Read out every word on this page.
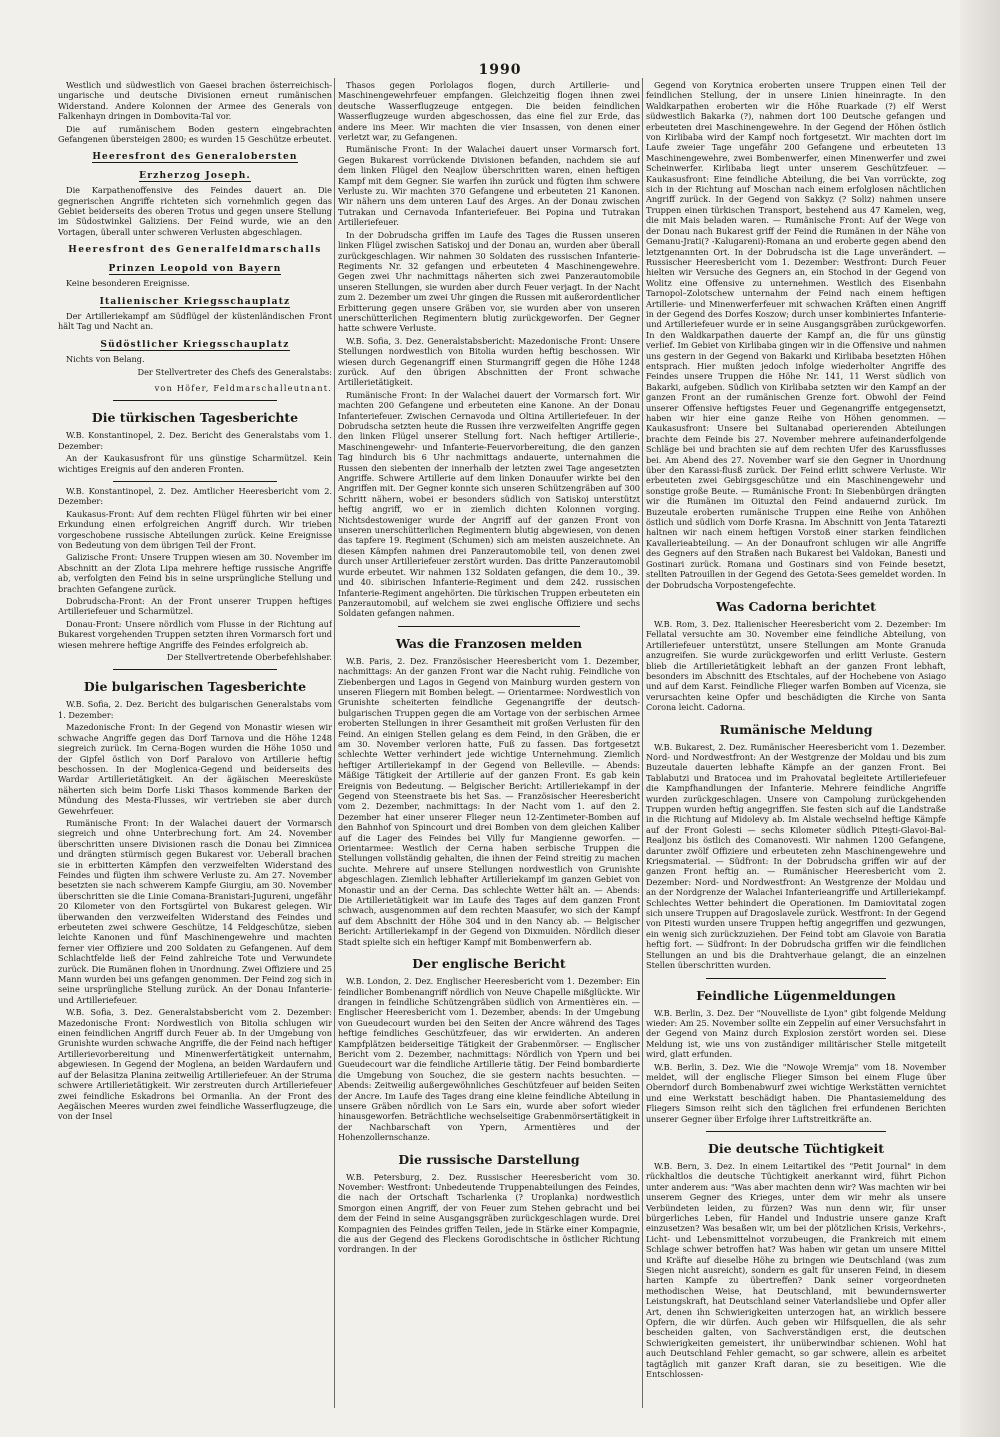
1990

Westlich und südwestlich von Gaesei brachen österreichisch-ungarische und deutsche Divisionen erneut rumänischen Widerstand. Andere Kolonnen der Armee des Generals von Falkenhayn dringen in Dombovita-Tal vor.

Die auf rumänischem Boden gestern eingebrachten Gefangenen übersteigen 2800; es wurden 15 Geschütze erbeutet.

Heeresfront des Generalobersten
Erzherzog Joseph.

Die Karpathenoffensive des Feindes dauert an. Die gegnerischen Angriffe richteten sich vornehmlich gegen das Gebiet beiderseits des oberen Trotus und gegen unsere Stellung im Südostwinkel Galiziens. Der Feind wurde, wie an den Vortagen, überall unter schweren Verlusten abgeschlagen.

Heeresfront des Generalfeldmarschalls
Prinzen Leopold von Bayern

Keine besonderen Ereignisse.

Italienischer Kriegsschauplatz

Der Artilleriekampf am Südflügel der küstenländischen Front hält Tag und Nacht an.

Südöstlicher Kriegsschauplatz

Nichts von Belang.

Der Stellvertreter des Chefs des Generalstabs:

von Höfer, Feldmarschalleutnant.

Die türkischen Tagesberichte

W.B. Konstantinopel, 2. Dez. Bericht des Generalstabs vom 1. Dezember:

An der Kaukasusfront für uns günstige Scharmützel. Kein wichtiges Ereignis auf den anderen Fronten.

W.B. Konstantinopel, 2. Dez. Amtlicher Heeresbericht vom 2. Dezember:

Kaukasus-Front: Auf dem rechten Flügel führten wir bei einer Erkundung einen erfolgreichen Angriff durch. Wir trieben vorgeschobene russische Abteilungen zurück. Keine Ereignisse von Bedeutung von dem übrigen Teil der Front.

Galizische Front: Unsere Truppen wiesen am 30. November im Abschnitt an der Zlota Lipa mehrere heftige russische Angriffe ab, verfolgten den Feind bis in seine ursprüngliche Stellung und brachten Gefangene zurück.

Dobrudscha-Front: An der Front unserer Truppen heftiges Artilleriefeuer und Scharmützel.

Donau-Front: Unsere nördlich vom Flusse in der Richtung auf Bukarest vorgehenden Truppen setzten ihren Vormarsch fort und wiesen mehrere heftige Angriffe des Feindes erfolgreich ab.

Der Stellvertretende Oberbefehlshaber.

Die bulgarischen Tagesberichte

W.B. Sofia, 2. Dez. Bericht des bulgarischen Generalstabs vom 1. Dezember:

Mazedonische Front: In der Gegend von Monastir wiesen wir schwache Angriffe gegen das Dorf Tarnova und die Höhe 1248 siegreich zurück. Im Cerna-Bogen wurden die Höhe 1050 und der Gipfel östlich von Dorf Paralovo von Artillerie heftig beschossen. In der Moglenica-Gegend und beiderseits des Wardar Artillerietätigkeit. An der ägäischen Meeresküste näherten sich beim Dorfe Liski Thasos kommende Barken der Mündung des Mesta-Flusses, wir vertrieben sie aber durch Gewehrfeuer.

Rumänische Front: In der Walachei dauert der Vormarsch siegreich und ohne Unterbrechung fort. Am 24. November überschritten unsere Divisionen rasch die Donau bei Zimnicea und drängten stürmisch gegen Bukarest vor. Ueberall brachen sie in erbitterten Kämpfen den verzweifelten Widerstand des Feindes und fügten ihm schwere Verluste zu. Am 27. November besetzten sie nach schwerem Kampfe Giurgiu, am 30. November überschritten sie die Linie Comana-Branistari-Jugureni, ungefähr 20 Kilometer von den Fortsgürtel von Bukarest gelegen. Wir überwanden den verzweifelten Widerstand des Feindes und erbeuteten zwei schwere Geschütze, 14 Feldgeschütze, sieben leichte Kanonen und fünf Maschinengewehre und machten ferner vier Offiziere und 200 Soldaten zu Gefangenen. Auf dem Schlachtfelde ließ der Feind zahlreiche Tote und Verwundete zurück. Die Rumänen flohen in Unordnung. Zwei Offiziere und 25 Mann wurden bei uns gefangen genommen. Der Feind zog sich in seine ursprüngliche Stellung zurück. An der Donau Infanterie- und Artilleriefeuer.

W.B. Sofia, 3. Dez. Generalstabsbericht vom 2. Dezember: Mazedonische Front: Nordwestlich von Bitolia schlugen wir einen feindlichen Angriff durch Feuer ab. In der Umgebung von Grunishte wurden schwache Angriffe, die der Feind nach heftiger Artillerievorbereitung und Minenwerfertätigkeit unternahm, abgewiesen. In Gegend der Moglena, an beiden Wardaufern und auf der Belasitza Planina zeitweilig Artilleriefeuer. An der Struma schwere Artillerietätigkeit. Wir zerstreuten durch Artilleriefeuer zwei feindliche Eskadrons bei Ormanlia. An der Front des Aegäischen Meeres wurden zwei feindliche Wasserflugzeuge, die von der Insel

Thasos gegen Porlolagos flogen, durch Artillerie- und Maschinengewehrfeuer empfangen. Gleichzeitig flogen ihnen zwei deutsche Wasserflugzeuge entgegen. Die beiden feindlichen Wasserflugzeuge wurden abgeschossen, das eine fiel zur Erde, das andere ins Meer. Wir machten die vier Insassen, von denen einer verletzt war, zu Gefangenen.

Rumänische Front: In der Walachei dauert unser Vormarsch fort. Gegen Bukarest vorrückende Divisionen befanden, nachdem sie auf dem linken Flügel den Neajlow überschritten waren, einen heftigen Kampf mit dem Gegner. Sie warfen ihn zurück und fügten ihm schwere Verluste zu. Wir machten 370 Gefangene und erbeuteten 21 Kanonen. Wir nähern uns dem unteren Lauf des Arges. An der Donau zwischen Tutrakan und Cernavoda Infanteriefeuer. Bei Popina und Tutrakan Artilleriefeuer.

In der Dobrudscha griffen im Laufe des Tages die Russen unseren linken Flügel zwischen Satiskoj und der Donau an, wurden aber überall zurückgeschlagen. Wir nahmen 30 Soldaten des russischen Infanterie-Regiments Nr. 32 gefangen und erbeuteten 4 Maschinengewehre. Gegen zwei Uhr nachmittags näherten sich zwei Panzerautomobile unseren Stellungen, sie wurden aber durch Feuer verjagt. In der Nacht zum 2. Dezember um zwei Uhr gingen die Russen mit außerordentlicher Erbitterung gegen unsere Gräben vor, sie wurden aber von unseren unerschütterlichen Regimentern blutig zurückgeworfen. Der Gegner hatte schwere Verluste.

W.B. Sofia, 3. Dez. Generalstabsbericht: Mazedonische Front: Unsere Stellungen nordwestlich von Bitolia wurden heftig beschossen. Wir wiesen durch Gegenangriff einen Sturmangriff gegen die Höhe 1248 zurück. Auf den übrigen Abschnitten der Front schwache Artillerietätigkeit.

Rumänische Front: In der Walachei dauert der Vormarsch fort. Wir machten 200 Gefangene und erbeuteten eine Kanone. An der Donau Infanteriefeuer. Zwischen Cernavoda und Oltina Artilleriefeuer. In der Dobrudscha setzten heute die Russen ihre verzweifelten Angriffe gegen den linken Flügel unserer Stellung fort. Nach heftiger Artillerie-, Maschinengewehr- und Infanterie-Feuervorbereitung, die den ganzen Tag hindurch bis 6 Uhr nachmittags andauerte, unternahmen die Russen den siebenten der innerhalb der letzten zwei Tage angesetzten Angriffe. Schwere Artillerie auf dem linken Donauufer wirkte bei den Angriffen mit. Der Gegner konnte sich unseren Schützengräben auf 300 Schritt nähern, wobei er besonders südlich von Satiskoj unterstützt heftig angriff, wo er in ziemlich dichten Kolonnen vorging. Nichtsdestoweniger wurde der Angriff auf der ganzen Front von unseren unerschütterlichen Regimentern blutig abgewiesen, von denen das tapfere 19. Regiment (Schumen) sich am meisten auszeichnete. An diesen Kämpfen nahmen drei Panzerautomobile teil, von denen zwei durch unser Artilleriefeuer zerstört wurden. Das dritte Panzerautomobil wurde erbeutet. Wir nahmen 132 Soldaten gefangen, die dem 10., 39. und 40. sibirischen Infanterie-Regiment und dem 242. russischen Infanterie-Regiment angehörten. Die türkischen Truppen erbeuteten ein Panzerautomobil, auf welchem sie zwei englische Offiziere und sechs Soldaten gefangen nahmen.

Was die Franzosen melden

W.B. Paris, 2. Dez. Französischer Heeresbericht vom 1. Dezember, nachmittags: An der ganzen Front war die Nacht ruhig. Feindliche von Ziebenbergen und Lagos in Gegend von Mainburg wurden gestern von unseren Fliegern mit Bomben belegt. — Orientarmee: Nordwestlich von Grunishte scheiterten feindliche Gegenangriffe der deutsch-bulgarischen Truppen gegen die am Vortage von der serbischen Armee eroberten Stellungen in ihrer Gesamtheit mit großen Verlusten für den Feind. An einigen Stellen gelang es dem Feind, in den Gräben, die er am 30. November verloren hatte, Fuß zu fassen. Das fortgesetzt schlechte Wetter verhindert jede wichtige Unternehmung. Ziemlich heftiger Artilleriekampf in der Gegend von Belleville. — Abends: Mäßige Tätigkeit der Artillerie auf der ganzen Front. Es gab kein Ereignis von Bedeutung. — Belgischer Bericht: Artilleriekampf in der Gegend von Steenstraete bis het Sas. — Französischer Heeresbericht vom 2. Dezember, nachmittags: In der Nacht vom 1. auf den 2. Dezember hat einer unserer Flieger neun 12-Zentimeter-Bomben auf den Bahnhof von Spincourt und drei Bomben von dem gleichen Kaliber auf die Lager des Feindes bei Villy fur Mangienne geworfen. — Orientarmee: Westlich der Cerna haben serbische Truppen die Stellungen vollständig gehalten, die ihnen der Feind streitig zu machen suchte. Mehrere auf unsere Stellungen nordwestlich von Grunishte abgeschlagen. Ziemlich lebhafter Artilleriekampf im ganzen Gebiet von Monastir und an der Cerna. Das schlechte Wetter hält an. — Abends: Die Artillerietätigkeit war im Laufe des Tages auf dem ganzen Front schwach, ausgenommen auf dem rechten Maasufer, wo sich der Kampf auf dem Abschnitt der Höhe 304 und in den Nancy ab. — Belgischer Bericht: Artilleriekampf in der Gegend von Dixmuiden. Nördlich dieser Stadt spielte sich ein heftiger Kampf mit Bombenwerfern ab.

Der englische Bericht

W.B. London, 2. Dez. Englischer Heeresbericht vom 1. Dezember: Ein feindlicher Bombenangriff nördlich von Neuve Chapelle mißglückte. Wir drangen in feindliche Schützengräben südlich von Armentières ein. — Englischer Heeresbericht vom 1. Dezember, abends: In der Umgebung von Gueudecourt wurden bei den Seiten der Ancre während des Tages heftige feindliches Geschützfeuer, das wir erwiderten. An anderen Kampfplätzen beiderseitige Tätigkeit der Grabenmörser. — Englischer Bericht vom 2. Dezember, nachmittags: Nördlich von Ypern und bei Gueudecourt war die feindliche Artillerie tätig. Der Feind bombardierte die Umgebung von Souchez, die sie gestern nachts besuchten. — Abends: Zeitweilig außergewöhnliches Geschützfeuer auf beiden Seiten der Ancre. Im Laufe des Tages drang eine kleine feindliche Abteilung in unsere Gräben nördlich von Le Sars ein, wurde aber sofort wieder hinausgeworfen. Beträchtliche wechselseitige Grabenmörsertätigkeit in der Nachbarschaft von Ypern, Armentières und der Hohenzollernschanze.

Die russische Darstellung

W.B. Petersburg, 2. Dez. Russischer Heeresbericht vom 30. November: Westfront: Unbedeutende Truppenabteilungen des Feindes, die nach der Ortschaft Tscharlenka (? Uroplanka) nordwestlich Smorgon einen Angriff, der von Feuer zum Stehen gebracht und bei dem der Feind in seine Ausgangsgräben zurückgeschlagen wurde. Drei Kompagnien des Feindes griffen Teilen, jede in Stärke einer Kompagnie, die aus der Gegend des Fleckens Gorodischtsche in östlicher Richtung vordrangen. In der

Gegend von Korytnica eroberten unsere Truppen einen Teil der feindlichen Stellung, der in unsere Linien hineinragte. In den Waldkarpathen eroberten wir die Höhe Ruarkade (?) elf Werst südwestlich Bakarka (?), nahmen dort 100 Deutsche gefangen und erbeuteten drei Maschinengewehre. In der Gegend der Höhen östlich von Kirlibaba wird der Kampf noch fortgesetzt. Wir machten dort im Laufe zweier Tage ungefähr 200 Gefangene und erbeuteten 13 Maschinengewehre, zwei Bombenwerfer, einen Minenwerfer und zwei Scheinwerfer. Kirlibaba liegt unter unserem Geschützfeuer. — Kaukasusfront: Eine feindliche Abteilung, die bei Van vorrückte, zog sich in der Richtung auf Moschan nach einem erfolglosen nächtlichen Angriff zurück. In der Gegend von Sakkyz (? Soliz) nahmen unsere Truppen einen türkischen Transport, bestehend aus 47 Kamelen, weg, die mit Mais beladen waren. — Rumänische Front: Auf der Wege von der Donau nach Bukarest griff der Feind die Rumänen in der Nähe von Gemanu-Jrati(? -Kalugareni)-Romana an und eroberte gegen abend den letztgenannten Ort. In der Dobrudscha ist die Lage unverändert. — Russischer Heeresbericht vom 1. Dezember: Westfront: Durch Feuer hielten wir Versuche des Gegners an, ein Stochod in der Gegend von Wolitz eine Offensive zu unternehmen. Westlich des Eisenbahn Tarnopol–Zolotschew unternahm der Feind nach einem heftigen Artillerie- und Minenwerferfeuer mit schwachen Kräften einen Angriff in der Gegend des Dorfes Koszow; durch unser kombiniertes Infanterie- und Artilleriefeuer wurde er in seine Ausgangsgräben zurückgeworfen. In den Waldkarpathen dauerte der Kampf an, die für uns günstig verlief. Im Gebiet von Kirlibaba gingen wir in die Offensive und nahmen uns gestern in der Gegend von Bakarki und Kirlibaba besetzten Höhen entsprach. Hier mußten jedoch infolge wiederholter Angriffe des Feindes unsere Truppen die Höhe Nr. 141, 11 Werst südlich von Bakarki, aufgeben. Südlich von Kirlibaba setzten wir den Kampf an der ganzen Front an der rumänischen Grenze fort. Obwohl der Feind unserer Offensive heftigstes Feuer und Gegenangriffe entgegensetzt, haben wir hier eine ganze Reihe von Höhen genommen. — Kaukasusfront: Unsere bei Sultanabad operierenden Abteilungen brachte dem Feinde bis 27. November mehrere aufeinanderfolgende Schläge bei und brachten sie auf dem rechten Ufer des Karussflusses bei. Am Abend des 27. November warf sie den Gegner in Unordnung über den Karassi-flusß zurück. Der Feind erlitt schwere Verluste. Wir erbeuteten zwei Gebirgsgeschütze und ein Maschinengewehr und sonstige große Beute. — Rumänische Front: In Siebenbürgen drängten wir die Rumänen im Oituztal den Feind andauernd zurück. Im Buzeutale eroberten rumänische Truppen eine Reihe von Anhöhen östlich und südlich vom Dorfe Krasna. Im Abschnitt von Jenta Tatarezti haltnen wir nach einem heftigen Vorstoß einer starken feindlichen Kavallerieabteilung. — An der Donaufront schlugen wir alle Angriffe des Gegners auf den Straßen nach Bukarest bei Valdokan, Banesti und Gostinari zurück. Romana und Gostinars sind von Feinde besetzt, stellten Patrouillen in der Gegend des Getota-Sees gemeldet worden. In der Dobrudscha Vorpostengefechte.

Was Cadorna berichtet

W.B. Rom, 3. Dez. Italienischer Heeresbericht vom 2. Dezember: Im Fellatal versuchte am 30. November eine feindliche Abteilung, von Artilleriefeuer unterstützt, unsere Stellungen am Monte Granuda anzugreifen. Sie wurde zurückgeworfen und erlitt Verluste. Gestern blieb die Artillerietätigkeit lebhaft an der ganzen Front lebhaft, besonders im Abschnitt des Etschtales, auf der Hochebene von Asiago und auf dem Karst. Feindliche Flieger warfen Bomben auf Vicenza, sie verursachten keine Opfer und beschädigten die Kirche von Santa Corona leicht. Cadorna.

Rumänische Meldung

W.B. Bukarest, 2. Dez. Rumänischer Heeresbericht vom 1. Dezember. Nord- und Nordwestfront: An der Westgrenze der Moldau und bis zum Buzeutale dauerten lebhafte Kämpfe an der ganzen Front. Bei Tablabutzi und Bratocea und im Prahovatal begleitete Artilleriefeuer die Kampfhandlungen der Infanterie. Mehrere feindliche Angriffe wurden zurückgeschlagen. Unsere von Campolung zurückgehenden Truppen wurden heftig angegriffen. Sie festen sich auf die Landstraße in die Richtung auf Midolevy ab. Im Alstale wechselnd heftige Kämpfe auf der Front Golesti — sechs Kilometer südlich Piteşti-Glavoi-Bal-Realjonz bis östlich des Comanovesti. Wir nahmen 1200 Gefangene, darunter zwölf Offiziere und erbeuteten zehn Maschinengewehre und Kriegsmaterial. — Südfront: In der Dobrudscha griffen wir auf der ganzen Front heftig an. — Rumänischer Heeresbericht vom 2. Dezember: Nord- und Nordwestfront: An Westgrenze der Moldau und an der Nordgrenze der Walachei Infanterieangriffe und Artilleriekampf. Schlechtes Wetter behindert die Operationen. Im Damiovitatal zogen sich unsere Truppen auf Dragoslavele zurück. Westfront: In der Gegend von Pitesti wurden unsere Truppen heftig angegriffen und gezwungen, ein wenig sich zurückzuziehen. Der Feind tobt am Glavoie von Baratia heftig fort. — Südfront: In der Dobrudscha griffen wir die feindlichen Stellungen an und bis die Drahtverhaue gelangt, die an einzelnen Stellen überschritten wurden.

Feindliche Lügenmeldungen

W.B. Berlin, 3. Dez. Der "Nouvelliste de Lyon" gibt folgende Meldung wieder: Am 25. November sollte ein Zeppelin auf einer Versuchsfahrt in der Gegend von Mainz durch Explosion zerstört worden sei. Diese Meldung ist, wie uns von zuständiger militärischer Stelle mitgeteilt wird, glatt erfunden.

W.B. Berlin, 3. Dez. Wie die "Nowoje Wremja" vom 18. November meldet, will der englische Flieger Simson bei einem Fluge über Oberndorf durch Bombenabwurf zwei wichtige Werkstätten vernichtet und eine Werkstatt beschädigt haben. Die Phantasiemeldung des Fliegers Simson reiht sich den täglichen frei erfundenen Berichten unserer Gegner über Erfolge ihrer Luftstreitkräfte an.

Die deutsche Tüchtigkeit

W.B. Bern, 3. Dez. In einem Leitartikel des "Petit Journal" in dem rückhaltlos die deutsche Tüchtigkeit anerkannt wird, führt Pichon unter anderem aus: "Was aber machten denn wir? Was machten wir bei unserem Gegner des Krieges, unter dem wir mehr als unsere Verbündeten leiden, zu fürzen? Was nun denn wir, für unser bürgerliches Leben, für Handel und Industrie unsere ganze Kraft einzusetzen? Was besaßen wir, um bei der plötzlichen Krisis, Verkehrs-, Licht- und Lebensmittelnot vorzubeugen, die Frankreich mit einem Schlage schwer betroffen hat? Was haben wir getan um unsere Mittel und Kräfte auf dieselbe Höhe zu bringen wie Deutschland (was zum Siegen nicht ausreicht), sondern es galt für unseren Feind, in diesem harten Kampfe zu übertreffen? Dank seiner vorgeordneten methodischen Weise, hat Deutschland, mit bewundernswerter Leistungskraft, hat Deutschland seiner Vaterlandsliebe und Opfer aller Art, denen ihn Schwierigkeiten unterzogen hat, an wirklich bessere Opfern, die wir dürfen. Auch geben wir Hilfsquellen, die als sehr bescheiden galten, von Sachverständigen erst, die deutschen Schwierigkeiten gemeistert, ihr unüberwindbar schienen. Wohl hat auch Deutschland Fehler gemacht, so gar schwere, allein es arbeitet tagtäglich mit ganzer Kraft daran, sie zu beseitigen. Wie die Entschlossen-
